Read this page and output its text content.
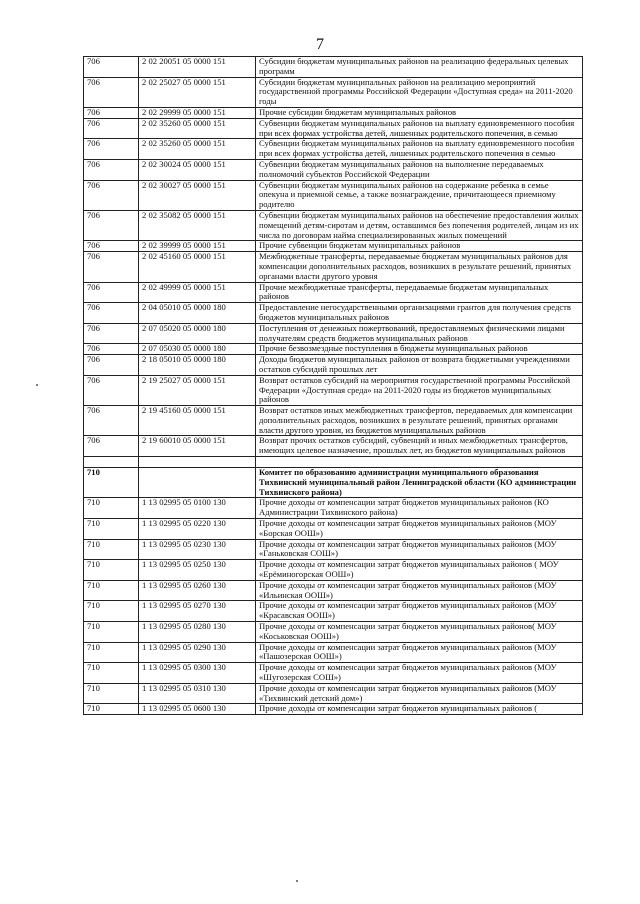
7
706	2 02 20051 05 0000 151	Субсидии бюджетам муниципальных районов на реализацию федеральных целевых программ
706	2 02 25027 05 0000 151	Субсидии бюджетам муниципальных районов на реализацию мероприятий государственной программы Российской Федерации «Доступная среда» на 2011-2020 годы
706	2 02 29999 05 0000 151	Прочие субсидии бюджетам муниципальных районов
706	2 02 35260 05 0000 151	Субвенции бюджетам муниципальных районов на выплату единовременного пособия при всех формах устройства детей, лишенных родительского попечения, в семью
706	2 02 35260 05 0000 151	Субвенции бюджетам муниципальных районов на выплату единовременного пособия при всех формах устройства детей, лишенных родительского попечения в семью
706	2 02 30024 05 0000 151	Субвенции бюджетам муниципальных районов на выполнение передаваемых полномочий субъектов Российской Федерации
706	2 02 30027 05 0000 151	Субвенции бюджетам муниципальных районов на содержание ребенка в семье опекуна и приемной семье, а также вознаграждение, причитающееся приемному родителю
706	2 02 35082 05 0000 151	Субвенции бюджетам муниципальных районов на обеспечение предоставления жилых помещений детям-сиротам и детям, оставшимся без попечения родителей, лицам из их числа по договорам найма специализированных жилых помещений
706	2 02 39999 05 0000 151	Прочие субвенции бюджетам муниципальных районов
706	2 02 45160 05 0000 151	Межбюджетные трансферты, передаваемые бюджетам муниципальных районов для компенсации дополнительных расходов, возникших в результате решений, принятых органами власти другого уровня
706	2 02 49999 05 0000 151	Прочие межбюджетные трансферты, передаваемые бюджетам муниципальных районов
706	2 04 05010 05 0000 180	Предоставление негосударственными организациями грантов для получения средств бюджетов муниципальных районов
706	2 07 05020 05 0000 180	Поступления от денежных пожертвований, предоставляемых физическими лицами получателям средств бюджетов муниципальных районов
706	2 07 05030 05 0000 180	Прочие безвозмездные поступления в бюджеты муниципальных районов
706	2 18 05010 05 0000 180	Доходы бюджетов муниципальных районов от возврата бюджетными учреждениями остатков субсидий прошлых лет
706	2 19 25027 05 0000 151	Возврат остатков субсидий на мероприятия государственной программы Российской Федерации «Доступная среда» на 2011-2020 годы из бюджетов муниципальных районов
706	2 19 45160 05 0000 151	Возврат остатков иных межбюджетных трансфертов, передаваемых для компенсации дополнительных расходов, возникших в результате решений, принятых органами власти другого уровня, из бюджетов муниципальных районов
706	2 19 60010 05 0000 151	Возврат прочих остатков субсидий, субвенций и иных межбюджетных трансфертов, имеющих целевое назначение, прошлых лет, из бюджетов муниципальных районов

710		Комитет по образованию администрации муниципального образования Тихвинский муниципальный район Ленинградской области (КО администрации Тихвинского района)
710	1 13 02995 05 0100 130	Прочие доходы от компенсации затрат бюджетов муниципальных районов (КО Администрации Тихвинского района)
710	1 13 02995 05 0220 130	Прочие доходы от компенсации затрат бюджетов муниципальных районов (МОУ «Борская ООШ»)
710	1 13 02995 05 0230 130	Прочие доходы от компенсации затрат бюджетов муниципальных районов (МОУ «Ганьковская СОШ»)
710	1 13 02995 05 0250 130	Прочие доходы от компенсации затрат бюджетов муниципальных районов ( МОУ «Ерёминогорская ООШ»)
710	1 13 02995 05 0260 130	Прочие доходы от компенсации затрат бюджетов муниципальных районов (МОУ «Ильинская ООШ»)
710	1 13 02995 05 0270 130	Прочие доходы от компенсации затрат бюджетов муниципальных районов (МОУ «Красавская ООШ»)
710	1 13 02995 05 0280 130	Прочие доходы от компенсации затрат бюджетов муниципальных районов( МОУ «Коськовская ООШ»)
710	1 13 02995 05 0290 130	Прочие доходы от компенсации затрат бюджетов муниципальных районов (МОУ «Пашозерская ООШ»)
710	1 13 02995 05 0300 130	Прочие доходы от компенсации затрат бюджетов муниципальных районов (МОУ «Шугозерская СОШ»)
710	1 13 02995 05 0310 130	Прочие доходы от компенсации затрат бюджетов муниципальных районов (МОУ «Тихвинский детский дом»)
710	1 13 02995 05 0600 130	Прочие доходы от компенсации затрат бюджетов муниципальных районов (
